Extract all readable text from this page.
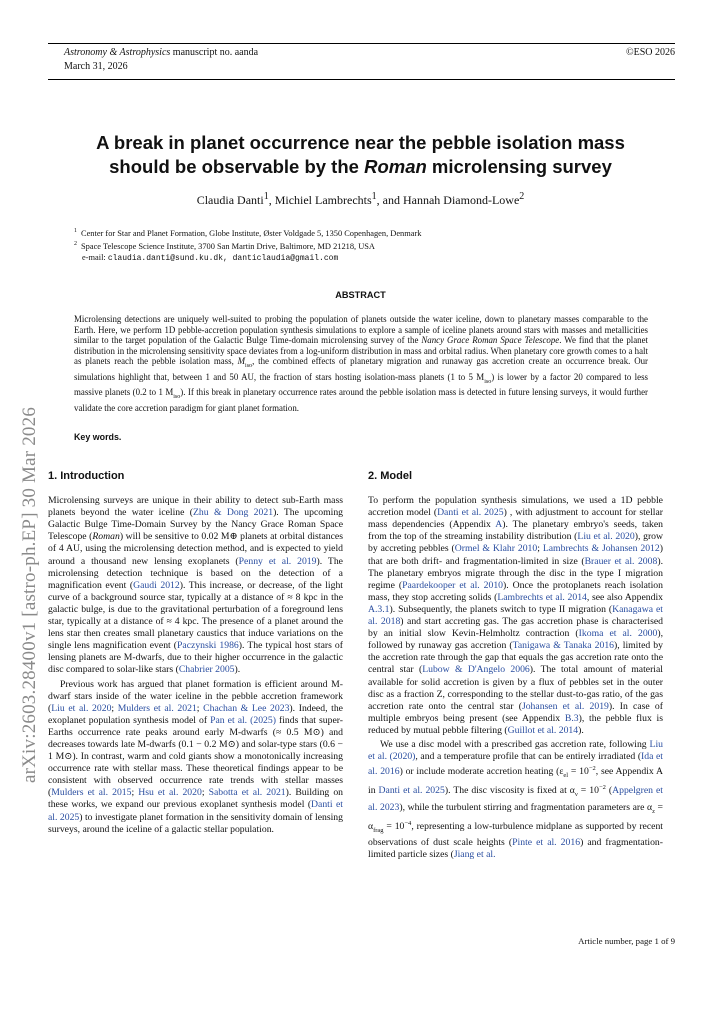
Astronomy & Astrophysics manuscript no. aanda
March 31, 2026
©ESO 2026
arXiv:2603.28400v1 [astro-ph.EP] 30 Mar 2026
A break in planet occurrence near the pebble isolation mass
should be observable by the Roman microlensing survey
Claudia Danti$^1$, Michiel Lambrechts$^1$, and Hannah Diamond-Lowe$^2$
$^1$ Center for Star and Planet Formation, Globe Institute, Øster Voldgade 5, 1350 Copenhagen, Denmark
$^2$ Space Telescope Science Institute, 3700 San Martin Drive, Baltimore, MD 21218, USA
e-mail: claudia.danti@sund.ku.dk, danticlaudia@gmail.com
ABSTRACT
Microlensing detections are uniquely well-suited to probing the population of planets outside the water iceline, down to planetary masses comparable to the Earth. Here, we perform 1D pebble-accretion population synthesis simulations to explore a sample of iceline planets around stars with masses and metallicities similar to the target population of the Galactic Bulge Time-domain microlensing survey of the Nancy Grace Roman Space Telescope. We find that the planet distribution in the microlensing sensitivity space deviates from a log-uniform distribution in mass and orbital radius. When planetary core growth comes to a halt as planets reach the pebble isolation mass, $M_{iso}$, the combined effects of planetary migration and runaway gas accretion create an occurrence break. Our simulations highlight that, between 1 and 50 AU, the fraction of stars hosting isolation-mass planets (1 to 5 $M_{iso}$) is lower by a factor 20 compared to less massive planets (0.2 to 1 $M_{iso}$). If this break in planetary occurrence rates around the pebble isolation mass is detected in future lensing surveys, it would further validate the core accretion paradigm for giant planet formation.
Key words.
1. Introduction

Microlensing surveys are unique in their ability to detect sub-Earth mass planets beyond the water iceline (Zhu & Dong 2021). The upcoming Galactic Bulge Time-Domain Survey by the Nancy Grace Roman Space Telescope (Roman) will be sensitive to 0.02 M⊕ planets at orbital distances of 4 AU, using the microlensing detection method, and is expected to yield around a thousand new lensing exoplanets (Penny et al. 2019). The microlensing detection technique is based on the detection of a magnification event (Gaudi 2012). This increase, or decrease, of the light curve of a background source star, typically at a distance of ≈ 8 kpc in the galactic bulge, is due to the gravitational perturbation of a foreground lens star, typically at a distance of ≈ 4 kpc. The presence of a planet around the lens star then creates small planetary caustics that induce variations on the single lens magnification event (Paczynski 1986). The typical host stars of lensing planets are M-dwarfs, due to their higher occurrence in the galactic disc compared to solar-like stars (Chabrier 2005).

Previous work has argued that planet formation is efficient around M-dwarf stars inside of the water iceline in the pebble accretion framework (Liu et al. 2020; Mulders et al. 2021; Chachan & Lee 2023). Indeed, the exoplanet population synthesis model of Pan et al. (2025) finds that super-Earths occurrence rate peaks around early M-dwarfs (≈ 0.5 M⊙) and decreases towards late M-dwarfs (0.1 − 0.2 M⊙) and solar-type stars (0.6 − 1 M⊙). In contrast, warm and cold giants show a monotonically increasing occurrence rate with stellar mass. These theoretical findings appear to be consistent with observed occurrence rate trends with stellar masses (Mulders et al. 2015; Hsu et al. 2020; Sabotta et al. 2021). Building on these works, we expand our previous exoplanet synthesis model (Danti et al. 2025) to investigate planet formation in the sensitivity domain of lensing surveys, around the iceline of a galactic stellar population.

2. Model

To perform the population synthesis simulations, we used a 1D pebble accretion model (Danti et al. 2025) , with adjustment to account for stellar mass dependencies (Appendix A). The planetary embryo's seeds, taken from the top of the streaming instability distribution (Liu et al. 2020), grow by accreting pebbles (Ormel & Klahr 2010; Lambrechts & Johansen 2012) that are both drift- and fragmentation-limited in size (Brauer et al. 2008). The planetary embryos migrate through the disc in the type I migration regime (Paardekooper et al. 2010). Once the protoplanets reach isolation mass, they stop accreting solids (Lambrechts et al. 2014, see also Appendix A.3.1). Subsequently, the planets switch to type II migration (Kanagawa et al. 2018) and start accreting gas. The gas accretion phase is characterised by an initial slow Kevin-Helmholtz contraction (Ikoma et al. 2000), followed by runaway gas accretion (Tanigawa & Tanaka 2016), limited by the accretion rate through the gap that equals the gas accretion rate onto the central star (Lubow & D'Angelo 2006). The total amount of material available for solid accretion is given by a flux of pebbles set in the outer disc as a fraction Z, corresponding to the stellar dust-to-gas ratio, of the gas accretion rate onto the central star (Johansen et al. 2019). In case of multiple embryos being present (see Appendix B.3), the pebble flux is reduced by mutual pebble filtering (Guillot et al. 2014).

We use a disc model with a prescribed gas accretion rate, following Liu et al. (2020), and a temperature profile that can be entirely irradiated (Ida et al. 2016) or include moderate accretion heating ($\varepsilon_{el} = 10^{-2}$, see Appendix A in Danti et al. 2025). The disc viscosity is fixed at $\alpha_\nu = 10^{-2}$ (Appelgren et al. 2023), while the turbulent stirring and fragmentation parameters are $\alpha_z = \alpha_{frag} = 10^{-4}$, representing a low-turbulence midplane as supported by recent observations of dust scale heights (Pinte et al. 2016) and fragmentation-limited particle sizes (Jiang et al.

Article number, page 1 of 9
